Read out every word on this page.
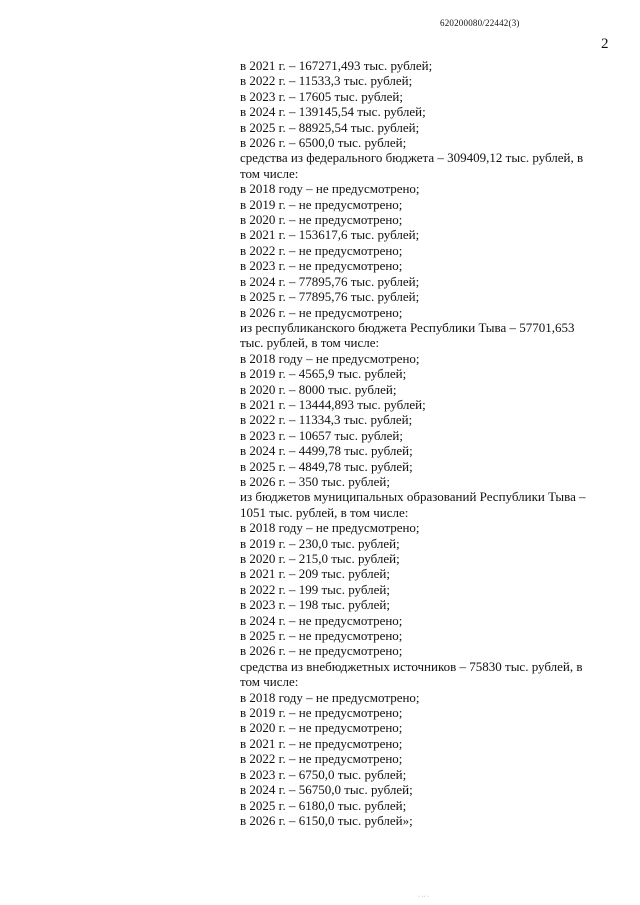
620200080/22442(3)
2
в 2021 г. – 167271,493 тыс. рублей;
в 2022 г. – 11533,3 тыс. рублей;
в 2023 г. – 17605 тыс. рублей;
в 2024 г. – 139145,54 тыс. рублей;
в 2025 г. – 88925,54 тыс. рублей;
в 2026 г. – 6500,0 тыс. рублей;
средства из федерального бюджета – 309409,12 тыс. рублей, в том числе:
в 2018 году – не предусмотрено;
в 2019 г. – не предусмотрено;
в 2020 г. – не предусмотрено;
в 2021 г. – 153617,6 тыс. рублей;
в 2022 г. – не предусмотрено;
в 2023 г. – не предусмотрено;
в 2024 г. – 77895,76 тыс. рублей;
в 2025 г. – 77895,76 тыс. рублей;
в 2026 г. – не предусмотрено;
из республиканского бюджета Республики Тыва – 57701,653 тыс. рублей, в том числе:
в 2018 году – не предусмотрено;
в 2019 г. – 4565,9 тыс. рублей;
в 2020 г. – 8000 тыс. рублей;
в 2021 г. – 13444,893 тыс. рублей;
в 2022 г. – 11334,3 тыс. рублей;
в 2023 г. – 10657 тыс. рублей;
в 2024 г. – 4499,78 тыс. рублей;
в 2025 г. – 4849,78 тыс. рублей;
в 2026 г. – 350 тыс. рублей;
из бюджетов муниципальных образований Республики Тыва – 1051 тыс. рублей, в том числе:
в 2018 году – не предусмотрено;
в 2019 г. – 230,0 тыс. рублей;
в 2020 г. – 215,0 тыс. рублей;
в 2021 г. – 209 тыс. рублей;
в 2022 г. – 199 тыс. рублей;
в 2023 г. – 198 тыс. рублей;
в 2024 г. – не предусмотрено;
в 2025 г. – не предусмотрено;
в 2026 г. – не предусмотрено;
средства из внебюджетных источников – 75830 тыс. рублей, в том числе:
в 2018 году – не предусмотрено;
в 2019 г. – не предусмотрено;
в 2020 г. – не предусмотрено;
в 2021 г. – не предусмотрено;
в 2022 г. – не предусмотрено;
в 2023 г. – 6750,0 тыс. рублей;
в 2024 г. – 56750,0 тыс. рублей;
в 2025 г. – 6180,0 тыс. рублей;
в 2026 г. – 6150,0 тыс. рублей»;
· ·· ·
